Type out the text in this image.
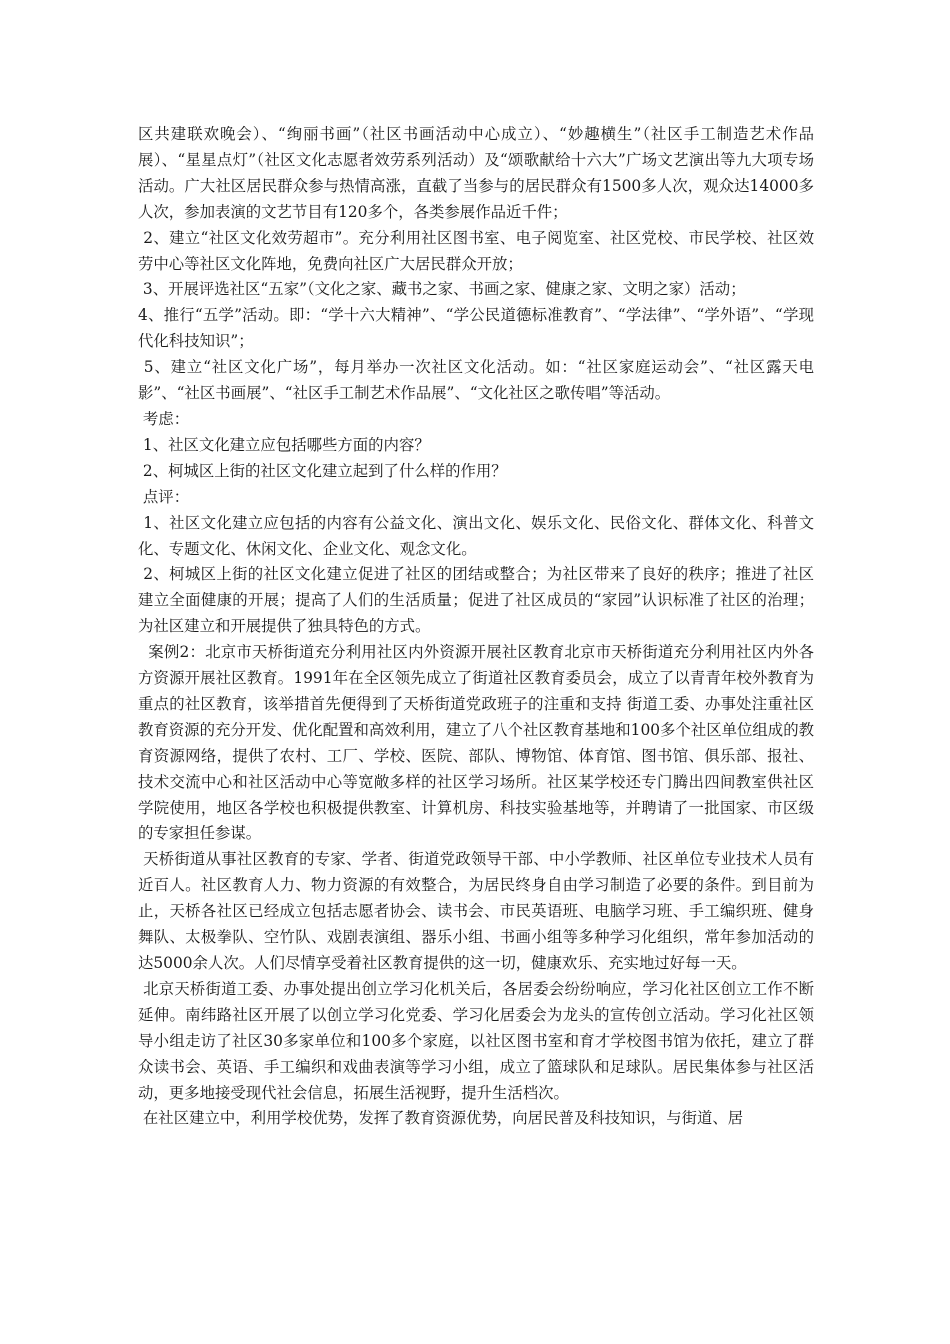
区共建联欢晚会）、“绚丽书画”（社区书画活动中心成立）、“妙趣横生”（社区手工制造艺术作品展）、“星星点灯”（社区文化志愿者效劳系列活动）及“颂歌献给十六大”广场文艺演出等九大项专场活动。广大社区居民群众参与热情高涨，直截了当参与的居民群众有1500多人次，观众达14000多人次，参加表演的文艺节目有120多个，各类参展作品近千件；

2、建立“社区文化效劳超市”。充分利用社区图书室、电子阅览室、社区党校、市民学校、社区效劳中心等社区文化阵地，免费向社区广大居民群众开放；

3、开展评选社区“五家”（文化之家、藏书之家、书画之家、健康之家、文明之家）活动；

4、推行“五学”活动。即：“学十六大精神”、“学公民道德标准教育”、“学法律”、“学外语”、“学现代化科技知识”；

5、建立“社区文化广场”，每月举办一次社区文化活动。如：“社区家庭运动会”、“社区露天电影”、“社区书画展”、“社区手工制艺术作品展”、“文化社区之歌传唱”等活动。

考虑：

1、社区文化建立应包括哪些方面的内容？

2、柯城区上街的社区文化建立起到了什么样的作用？

点评：

1、社区文化建立应包括的内容有公益文化、演出文化、娱乐文化、民俗文化、群体文化、科普文化、专题文化、休闲文化、企业文化、观念文化。

2、柯城区上街的社区文化建立促进了社区的团结或整合；为社区带来了良好的秩序；推进了社区建立全面健康的开展；提高了人们的生活质量；促进了社区成员的“家园”认识标准了社区的治理；为社区建立和开展提供了独具特色的方式。

案例2：北京市天桥街道充分利用社区内外资源开展社区教育北京市天桥街道充分利用社区内外各方资源开展社区教育。1991年在全区领先成立了街道社区教育委员会，成立了以青青年校外教育为重点的社区教育，该举措首先便得到了天桥街道党政班子的注重和支持 街道工委、办事处注重社区教育资源的充分开发、优化配置和高效利用，建立了八个社区教育基地和100多个社区单位组成的教育资源网络，提供了农村、工厂、学校、医院、部队、博物馆、体育馆、图书馆、俱乐部、报社、技术交流中心和社区活动中心等宽敞多样的社区学习场所。社区某学校还专门腾出四间教室供社区学院使用，地区各学校也积极提供教室、计算机房、科技实验基地等，并聘请了一批国家、市区级的专家担任参谋。

天桥街道从事社区教育的专家、学者、街道党政领导干部、中小学教师、社区单位专业技术人员有近百人。社区教育人力、物力资源的有效整合，为居民终身自由学习制造了必要的条件。到目前为止，天桥各社区已经成立包括志愿者协会、读书会、市民英语班、电脑学习班、手工编织班、健身舞队、太极拳队、空竹队、戏剧表演组、器乐小组、书画小组等多种学习化组织，常年参加活动的达5000余人次。人们尽情享受着社区教育提供的这一切，健康欢乐、充实地过好每一天。

北京天桥街道工委、办事处提出创立学习化机关后，各居委会纷纷响应，学习化社区创立工作不断延伸。南纬路社区开展了以创立学习化党委、学习化居委会为龙头的宣传创立活动。学习化社区领导小组走访了社区30多家单位和100多个家庭，以社区图书室和育才学校图书馆为依托，建立了群众读书会、英语、手工编织和戏曲表演等学习小组，成立了篮球队和足球队。居民集体参与社区活动，更多地接受现代社会信息，拓展生活视野，提升生活档次。

在社区建立中，利用学校优势，发挥了教育资源优势，向居民普及科技知识，与街道、居
